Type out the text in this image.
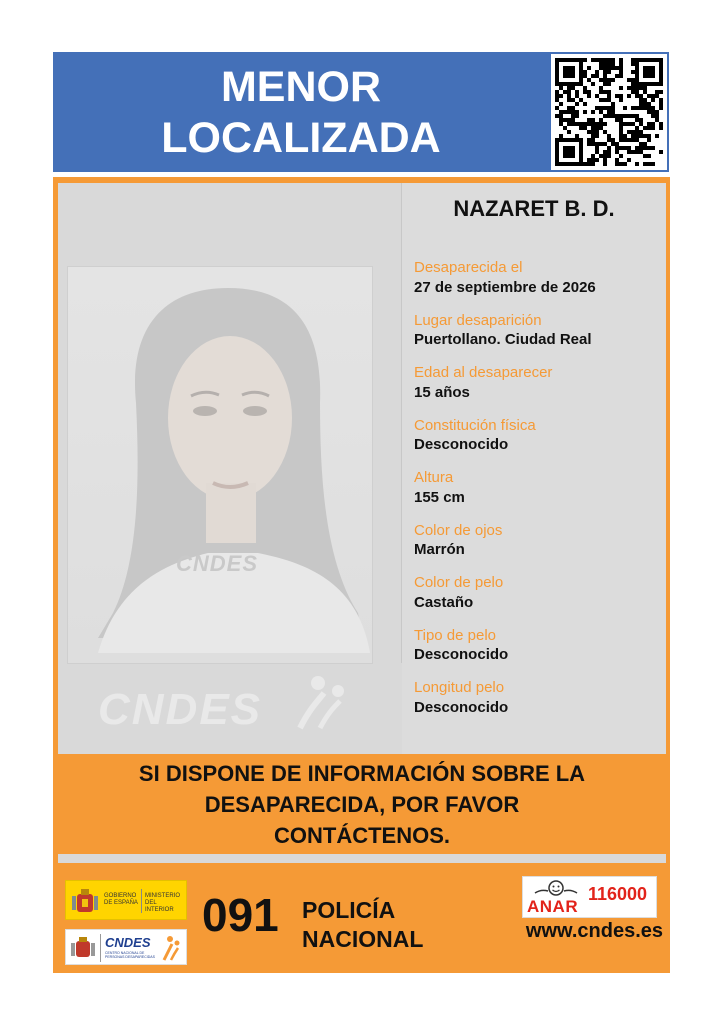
MENOR
LOCALIZADA
CNDES
CNDES
NAZARET B. D.
Desaparecida el
27 de septiembre de 2026
Lugar desaparición
Puertollano. Ciudad Real
Edad al desaparecer
15 años
Constitución física
Desconocido
Altura
155 cm
Color de ojos
Marrón
Color de pelo
Castaño
Tipo de pelo
Desconocido
Longitud pelo
Desconocido
SI DISPONE DE INFORMACIÓN SOBRE LA
DESAPARECIDA, POR FAVOR
CONTÁCTENOS.
GOBIERNO DE ESPAÑA
MINISTERIO DEL INTERIOR
CNDES
CENTRO NACIONAL DE PERSONAS DESAPARECIDAS
091 POLICÍA
NACIONAL
ANAR
116000
www.cndes.es
